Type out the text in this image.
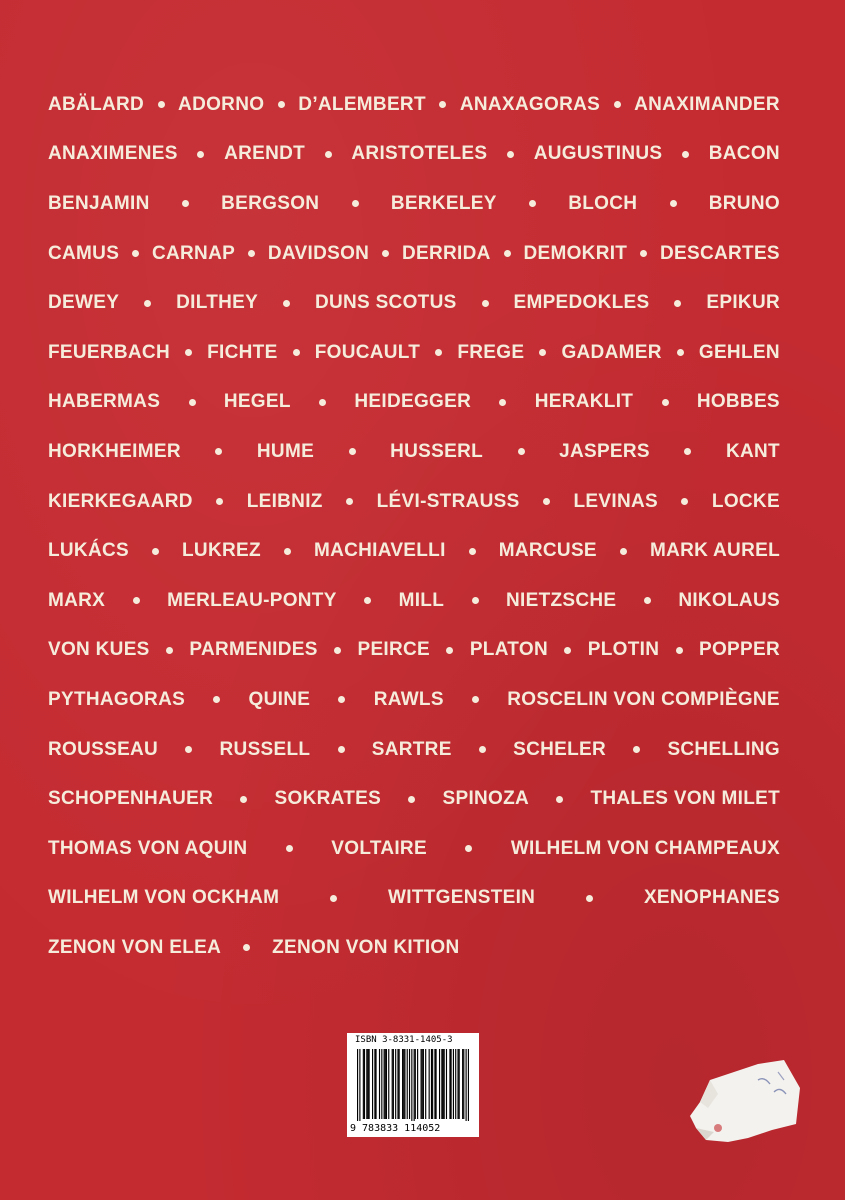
ABÄLARD ADORNO D’ALEMBERT ANAXAGORAS ANAXIMANDER
ANAXIMENES ARENDT ARISTOTELES AUGUSTINUS BACON
BENJAMIN	BERGSON	BERKELEY	BLOCH	BRUNO
CAMUS CARNAP DAVIDSON DERRIDA DEMOKRIT DESCARTES
DEWEY	DILTHEY	DUNS SCOTUS	EMPEDOKLES	EPIKUR
FEUERBACH FICHTE FOUCAULT FREGE GADAMER GEHLEN
HABERMAS	HEGEL	HEIDEGGER	HERAKLIT	HOBBES
HORKHEIMER	HUME	HUSSERL	JASPERS	KANT
KIERKEGAARD	LEIBNIZ	LÉVI-STRAUSS	LEVINAS	LOCKE
LUKÁCS	LUKREZ	MACHIAVELLI	MARCUSE	MARK AUREL
MARX	MERLEAU-PONTY	MILL	NIETZSCHE	NIKOLAUS
VON KUES PARMENIDES PEIRCE PLATON PLOTIN POPPER
PYTHAGORAS	QUINE	RAWLS	ROSCELIN VON COMPIÈGNE
ROUSSEAU	RUSSELL	SARTRE	SCHELER	SCHELLING
SCHOPENHAUER	SOKRATES	SPINOZA	THALES VON MILET
THOMAS VON AQUIN	VOLTAIRE	WILHELM VON CHAMPEAUX
WILHELM VON OCKHAM	WITTGENSTEIN	XENOPHANES
ZENON VON ELEA	ZENON VON KITION
ISBN 3-8331-1405-3
9 783833 114052
